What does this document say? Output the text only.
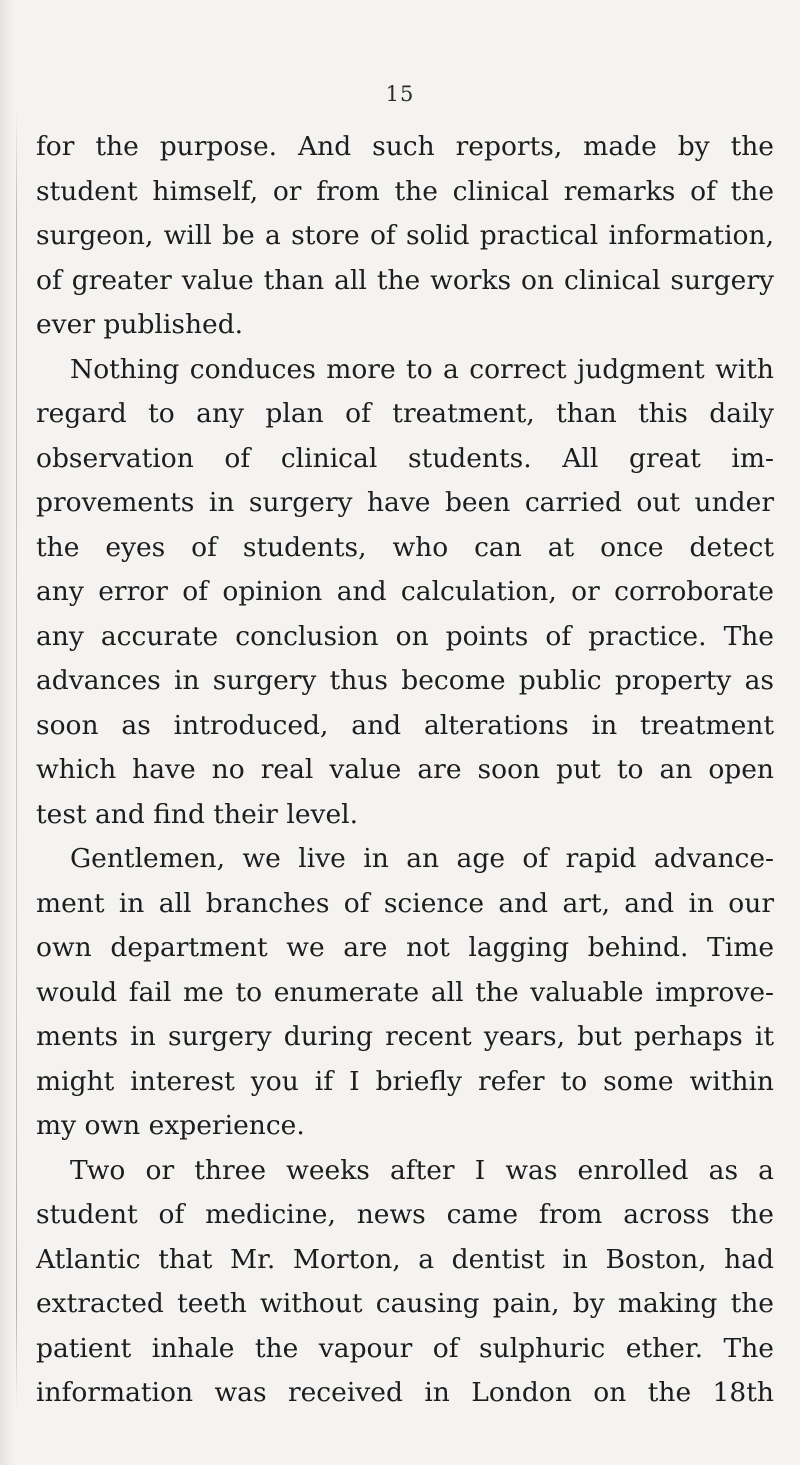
15
for the purpose. And such reports, made by the
student himself, or from the clinical remarks of the
surgeon, will be a store of solid practical information,
of greater value than all the works on clinical surgery
ever published.
Nothing conduces more to a correct judgment with
regard to any plan of treatment, than this daily
observation of clinical students. All great im-
provements in surgery have been carried out under
the eyes of students, who can at once detect
any error of opinion and calculation, or corroborate
any accurate conclusion on points of practice. The
advances in surgery thus become public property as
soon as introduced, and alterations in treatment
which have no real value are soon put to an open
test and find their level.
Gentlemen, we live in an age of rapid advance-
ment in all branches of science and art, and in our
own department we are not lagging behind. Time
would fail me to enumerate all the valuable improve-
ments in surgery during recent years, but perhaps it
might interest you if I briefly refer to some within
my own experience.
Two or three weeks after I was enrolled as a
student of medicine, news came from across the
Atlantic that Mr. Morton, a dentist in Boston, had
extracted teeth without causing pain, by making the
patient inhale the vapour of sulphuric ether. The
information was received in London on the 18th
